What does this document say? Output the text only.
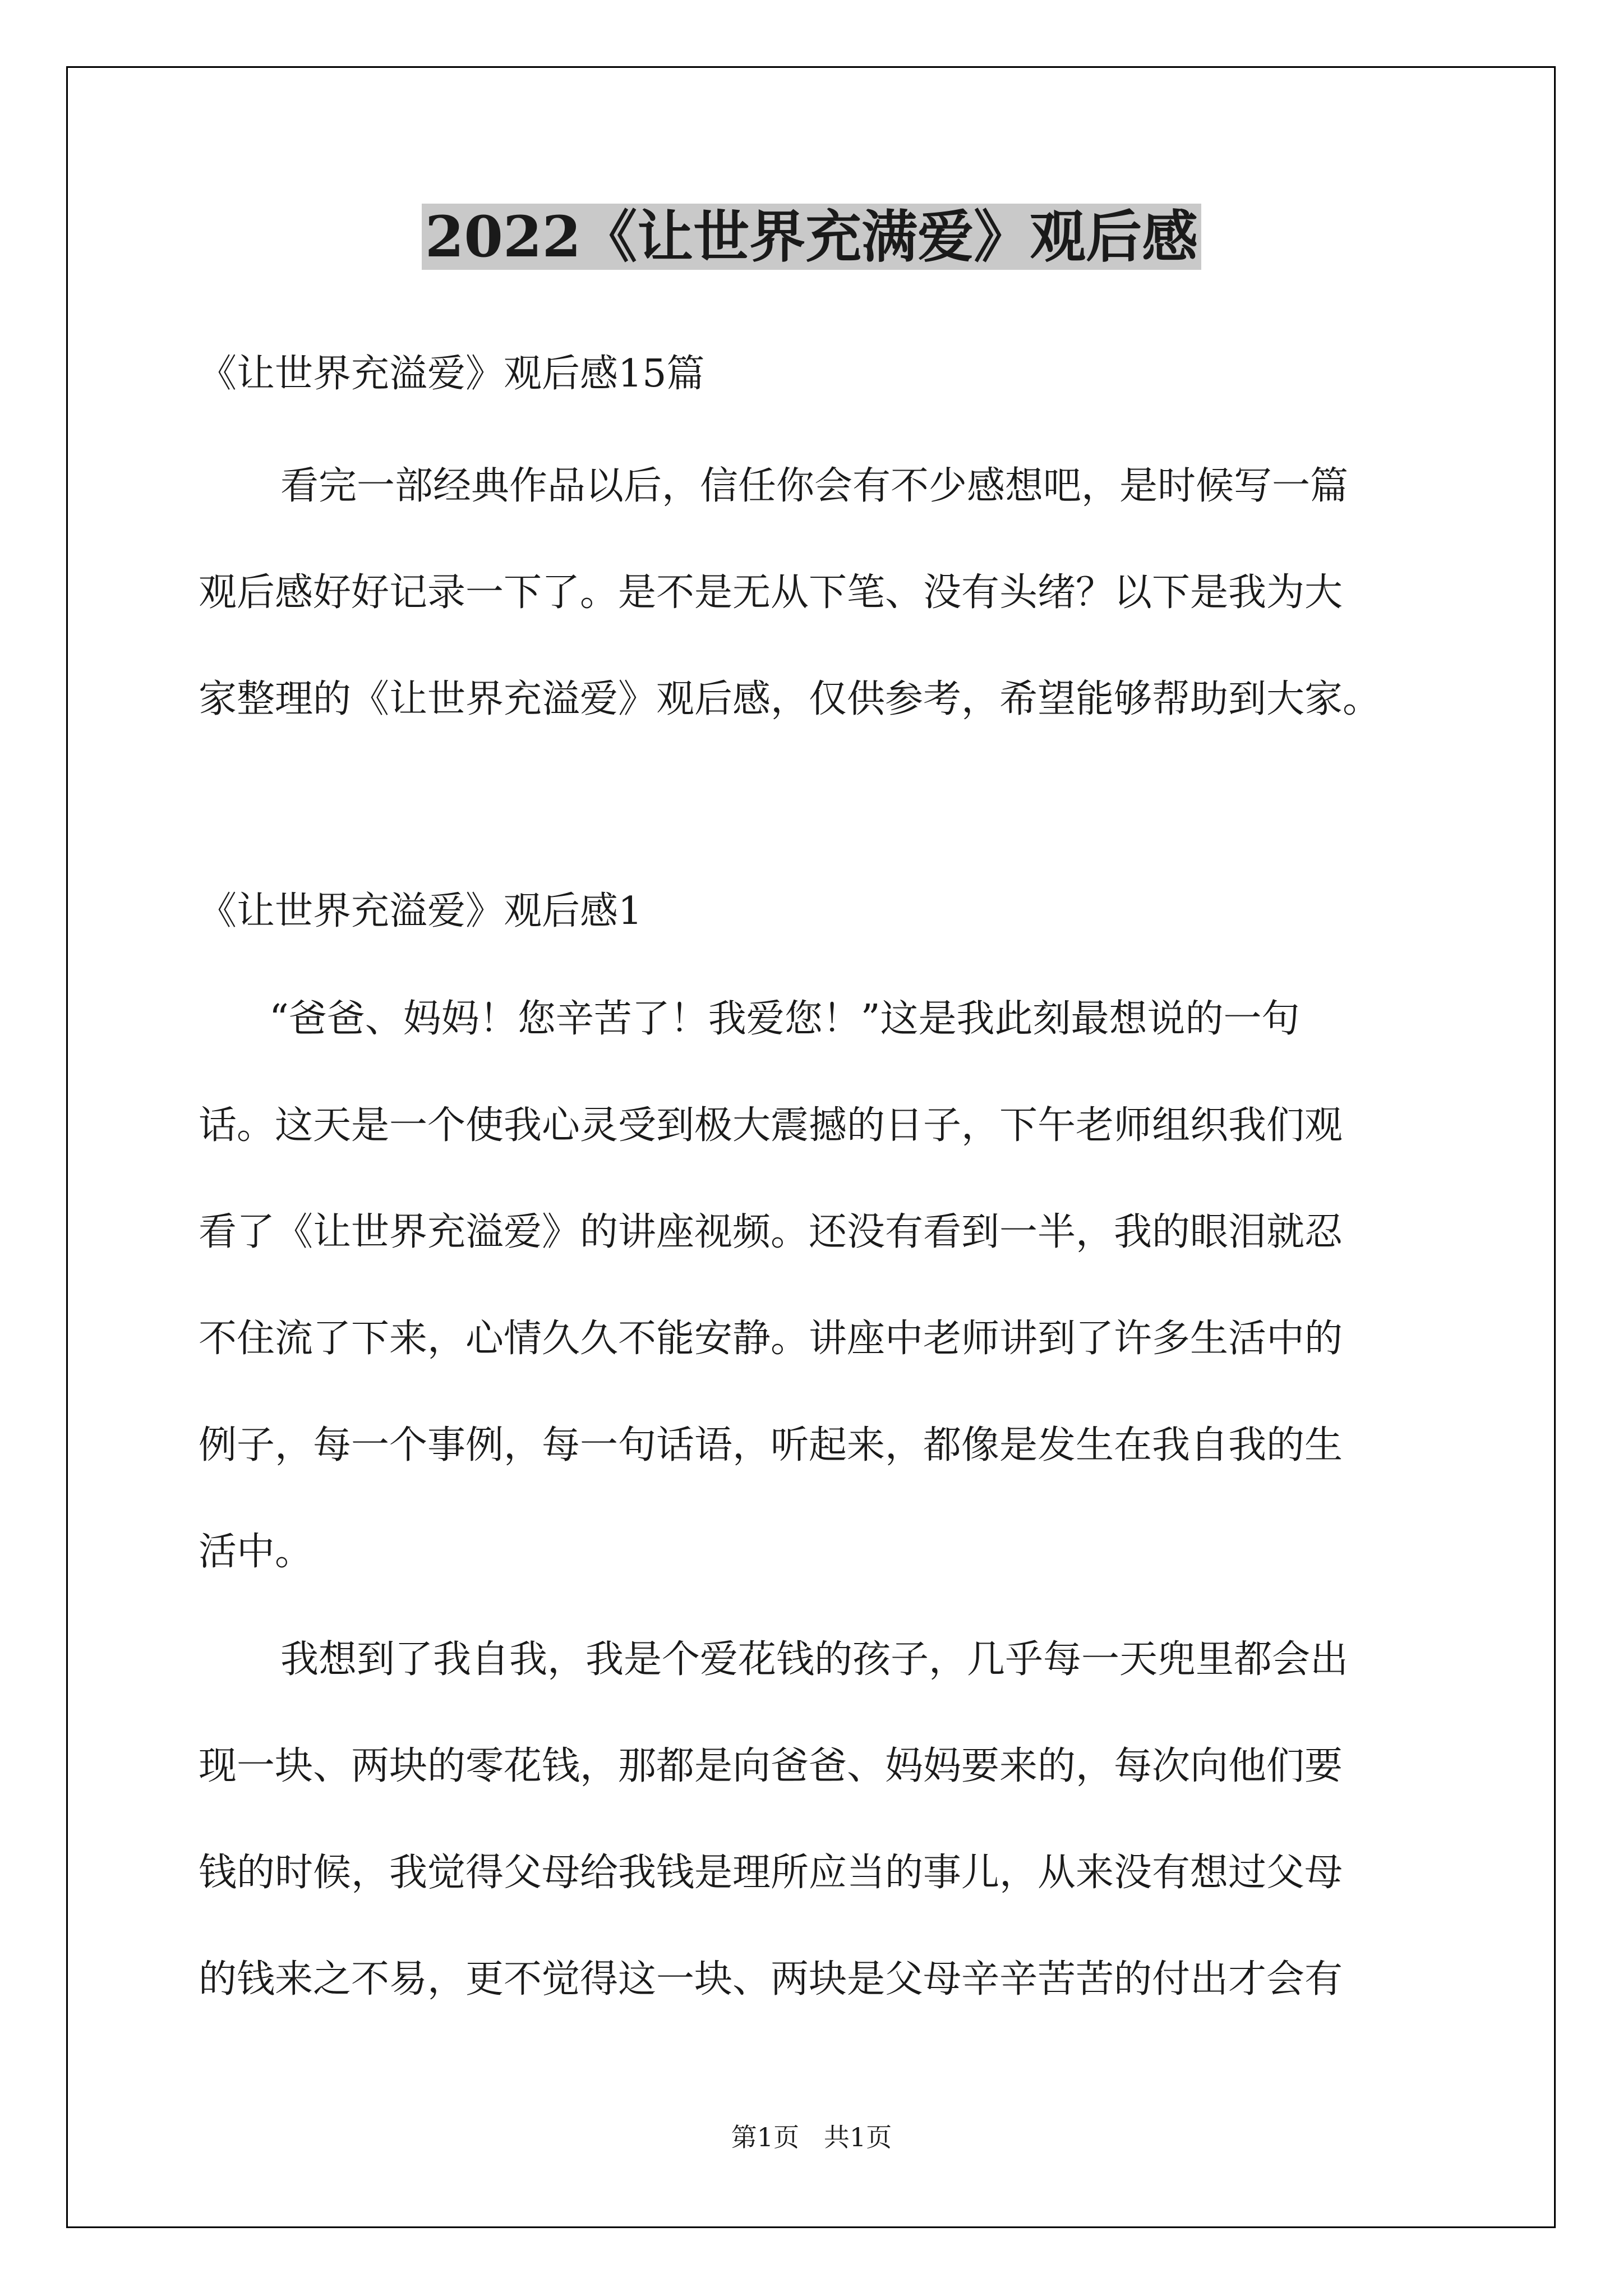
2022《让世界充满爱》观后感
《让世界充溢爱》观后感15篇
看完一部经典作品以后，信任你会有不少感想吧，是时候写一篇
观后感好好记录一下了。是不是无从下笔、没有头绪？以下是我为大
家整理的《让世界充溢爱》观后感，仅供参考，希望能够帮助到大家。
《让世界充溢爱》观后感1
“爸爸、妈妈！您辛苦了！我爱您！”这是我此刻最想说的一句
话。这天是一个使我心灵受到极大震撼的日子，下午老师组织我们观
看了《让世界充溢爱》的讲座视频。还没有看到一半，我的眼泪就忍
不住流了下来，心情久久不能安静。讲座中老师讲到了许多生活中的
例子，每一个事例，每一句话语，听起来，都像是发生在我自我的生
活中。
我想到了我自我，我是个爱花钱的孩子，几乎每一天兜里都会出
现一块、两块的零花钱，那都是向爸爸、妈妈要来的，每次向他们要
钱的时候，我觉得父母给我钱是理所应当的事儿，从来没有想过父母
的钱来之不易，更不觉得这一块、两块是父母辛辛苦苦的付出才会有
第1页   共1页
